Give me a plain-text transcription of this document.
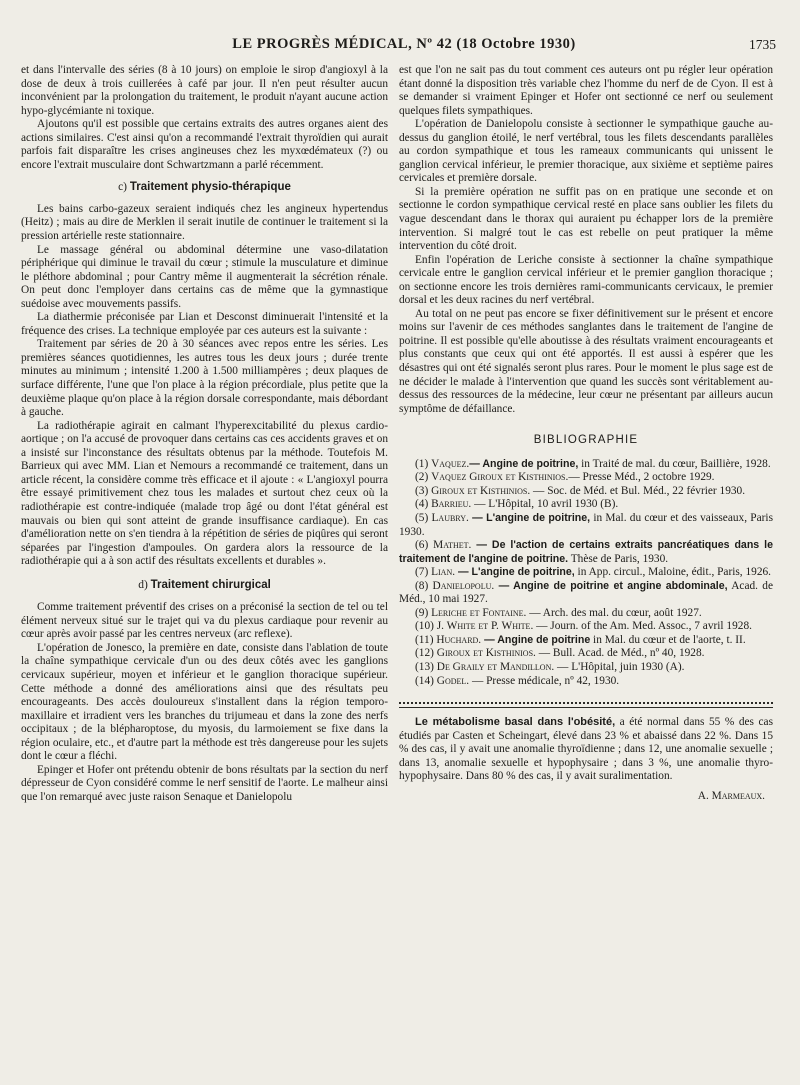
LE PROGRÈS MÉDICAL, Nº 42 (18 Octobre 1930)	1735

et dans l'intervalle des séries (8 à 10 jours) on emploie le sirop d'angioxyl à la dose de deux à trois cuillerées à café par jour. Il n'en peut résulter aucun inconvénient par la prolongation du traitement, le produit n'ayant aucune action hypo-glycémiante ni toxique.

Ajoutons qu'il est possible que certains extraits des autres organes aient des actions similaires. C'est ainsi qu'on a recommandé l'extrait thyroïdien qui aurait parfois fait disparaître les crises angineuses chez les myxœdémateux (?) ou encore l'extrait musculaire dont Schwartzmann a parlé récemment.

c) Traitement physio-thérapique

Les bains carbo-gazeux seraient indiqués chez les angineux hypertendus (Heitz) ; mais au dire de Merklen il serait inutile de continuer le traitement si la pression artérielle reste stationnaire.

Le massage général ou abdominal détermine une vaso-dilatation périphérique qui diminue le travail du cœur ; stimule la musculature et diminue le pléthore abdominal ; pour Cantry même il augmenterait la sécrétion rénale. On peut donc l'employer dans certains cas de même que la gymnastique suédoise avec mouvements passifs.

La diathermie préconisée par Lian et Desconst diminuerait l'intensité et la fréquence des crises. La technique employée par ces auteurs est la suivante :

Traitement par séries de 20 à 30 séances avec repos entre les séries. Les premières séances quotidiennes, les autres tous les deux jours ; durée trente minutes au minimum ; intensité 1.200 à 1.500 milliampères ; deux plaques de surface différente, l'une que l'on place à la région précordiale, plus petite que la deuxième plaque qu'on place à la région dorsale correspondante, mais débordant à gauche.

La radiothérapie agirait en calmant l'hyperexcitabilité du plexus cardio-aortique ; on l'a accusé de provoquer dans certains cas ces accidents graves et on a insisté sur l'inconstance des résultats obtenus par la méthode. Toutefois M. Barrieux qui avec MM. Lian et Nemours a recommandé ce traitement, dans un article récent, la considère comme très efficace et il ajoute : « L'angioxyl pourra être essayé primitivement chez tous les malades et surtout chez ceux où la radiothérapie est contre-indiquée (malade trop âgé ou dont l'état général est mauvais ou bien qui sont atteint de grande insuffisance cardiaque). En cas d'amélioration nette on s'en tiendra à la répétition de séries de piqûres qui seront séparées par l'ingestion d'ampoules. On gardera alors la ressource de la radiothérapie qui a à son actif des résultats excellents et durables ».

d) Traitement chirurgical

Comme traitement préventif des crises on a préconisé la section de tel ou tel élément nerveux situé sur le trajet qui va du plexus cardiaque pour revenir au cœur après avoir passé par les centres nerveux (arc reflexe).

L'opération de Jonesco, la première en date, consiste dans l'ablation de toute la chaîne sympathique cervicale d'un ou des deux côtés avec les ganglions cervicaux supérieur, moyen et inférieur et le ganglion thoracique supérieur. Cette méthode a donné des améliorations ainsi que des résultats peu encourageants. Des accès douloureux s'installent dans la région temporo-maxillaire et irradient vers les branches du trijumeau et dans la zone des nerfs occipitaux ; de la blépharoptose, du myosis, du larmoiement se fixe dans la région oculaire, etc., et d'autre part la méthode est très dangereuse pour les sujets dont le cœur a fléchi.

Epinger et Hofer ont prétendu obtenir de bons résultats par la section du nerf dépresseur de Cyon considéré comme le nerf sensitif de l'aorte. Le malheur ainsi que l'on remarqué avec juste raison Senaque et Danielopolu

est que l'on ne sait pas du tout comment ces auteurs ont pu régler leur opération étant donné la disposition très variable chez l'homme du nerf de de Cyon. Il est à se demander si vraiment Epinger et Hofer ont sectionné ce nerf ou seulement quelques filets sympathiques.

L'opération de Danielopolu consiste à sectionner le sympathique gauche au-dessus du ganglion étoilé, le nerf vertébral, tous les filets descendants parallèles au cordon sympathique et tous les rameaux communicants qui unissent le ganglion cervical inférieur, le premier thoracique, aux sixième et septième paires cervicales et première dorsale.

Si la première opération ne suffit pas on en pratique une seconde et on sectionne le cordon sympathique cervical resté en place sans oublier les filets du vague descendant dans le thorax qui auraient pu échapper lors de la première intervention. Si malgré tout le cas est rebelle on peut pratiquer la même intervention du côté droit.

Enfin l'opération de Leriche consiste à sectionner la chaîne sympathique cervicale entre le ganglion cervical inférieur et le premier ganglion thoracique ; on sectionne encore les trois dernières rami-communicants cervicaux, le premier dorsal et les deux racines du nerf vertébral.

Au total on ne peut pas encore se fixer définitivement sur le présent et encore moins sur l'avenir de ces méthodes sanglantes dans le traitement de l'angine de poitrine. Il est possible qu'elle aboutisse à des résultats vraiment encourageants et plus constants que ceux qui ont été apportés. Il est aussi à espérer que les désastres qui ont été signalés seront plus rares. Pour le moment le plus sage est de ne décider le malade à l'intervention que quand les succès sont véritablement au-dessus des ressources de la médecine, leur cœur ne présentant par ailleurs aucun symptôme de défaillance.

BIBLIOGRAPHIE

(1) Vaquez.— Angine de poitrine, in Traité de mal. du cœur, Baillière, 1928.

(2) Vaquez Giroux et Kisthinios.— Presse Méd., 2 octobre 1929.

(3) Giroux et Kisthinios. — Soc. de Méd. et Bul. Méd., 22 février 1930.

(4) Barrieu. — L'Hôpital, 10 avril 1930 (B).

(5) Laubry. — L'angine de poitrine, in Mal. du cœur et des vaisseaux, Paris 1930.

(6) Mathet. — De l'action de certains extraits pancréatiques dans le traitement de l'angine de poitrine. Thèse de Paris, 1930.

(7) Lian. — L'angine de poitrine, in App. circul., Maloine, édit., Paris, 1926.

(8) Danielopolu. — Angine de poitrine et angine abdominale, Acad. de Méd., 10 mai 1927.

(9) Leriche et Fontaine. — Arch. des mal. du cœur, août 1927.

(10) J. White et P. White. — Journ. of the Am. Med. Assoc., 7 avril 1928.

(11) Huchard. — Angine de poitrine in Mal. du cœur et de l'aorte, t. II.

(12) Giroux et Kisthinios. — Bull. Acad. de Méd., nº 40, 1928.

(13) De Graily et Mandillon. — L'Hôpital, juin 1930 (A).

(14) Godel. — Presse médicale, nº 42, 1930.

Le métabolisme basal dans l'obésité, a été normal dans 55 % des cas étudiés par Casten et Scheingart, élevé dans 23 % et abaissé dans 22 %. Dans 15 % des cas, il y avait une anomalie thyroïdienne ; dans 12, une anomalie sexuelle ; dans 13, anomalie sexuelle et hypophysaire ; dans 3 %, une anomalie thyro-hypophysaire. Dans 80 % des cas, il y avait suralimentation.

A. Marmeaux.
